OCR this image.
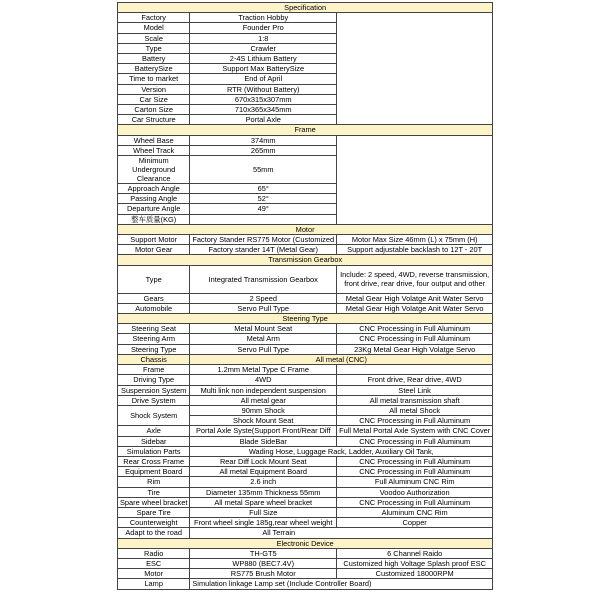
Specification		
Factory	Traction Hobby	
Model	Founder Pro	
Scale	1:8	
Type	Crawler	
Battery	2-4S Lithium Battery	
BatterySize	Support Max BatterySize	
Time to market	End of April	
Version	RTR (Without Battery)	
Car Size	670x315x307mm	
Carton Size	710x365x345mm	
Car Structure	Portal Axle	
Frame		
Wheel Base	374mm	
Wheel Track	265mm	
Minimum Underground Clearance	55mm	
Approach Angle	65°	
Passing Angle	52°	
Departure Angle	49°	
整车质量(KG)		
Motor		
Support Motor	Factory Stander RS775 Motor (Customized	Motor Max Size 46mm (L) x 75mm (H)
Motor Gear	Factory stander 14T (Metal Gear)	Support adjustable backlash to 12T - 20T
Transmission Gearbox		
Type	Integrated Transmission Gearbox	Include: 2 speed, 4WD, reverse transmission, front drive, rear drive, four output and other
Gears	2 Speed	Metal Gear High Volatge Anit Water Servo
Automobile	Servo Pull Type	Metal Gear High Volatge Anit Water Servo
Steering Type		
Steering Seat	Metal Mount Seat	CNC Processing in Full Aluminum
Steering Arm	Metal Arm	CNC Processing in Full Aluminum
Steering Type	Servo Pull Type	23Kg Metal Gear High Volatge Servo
Chassis	All metal (CNC)	
Frame	1.2mm Metal Type C Frame	
Driving Type	4WD	Front drive, Rear drive, 4WD
Suspension System	Multi link non independent suspension	Steel Link
Drive System	All metal gear	All metal transmission shaft
Shock System	90mm Shock	All metal Shock
	Shock Mount Seat	CNC Processing in Full Aluminum
Axle	Portal Axle Syste(Support Front/Rear Diff	Full Metal Portal Axle System with CNC Cover
Sidebar	Blade SideBar	CNC Processing in Full Aluminum
Simulation Parts	Wading Hose, Luggage Rack, Ladder, Auxiliary Oil Tank,	
Rear Cross Frame	Rear Diff Lock Mount Seat	CNC Processing in Full Aluminum
Equipment Board	All metal Equipment Board	CNC Processing in Full Aluminum
Rim	2.6 inch	Full Aluminum CNC Rim
Tire	Diameter 135mm Thickness 55mm	Voodoo Authorization
Spare wheel bracket	All metal Spare wheel bracket	CNC Processing in Full Aluminum
Spare Tire	Full Size	Aluminum CNC Rim
Counterweight	Front wheel single 185g,rear wheel weight	Copper
Adapt to the road	All Terrain	
Electronic Device		
Radio	TH-GT5	6 Channel Raido
ESC	WP880 (BEC7.4V)	Customized high Voltage Splash proof ESC
Motor	RS775 Brush Motor	Customized 18000RPM
Lamp	Simulation linkage Lamp set (Include Controller Board)	
